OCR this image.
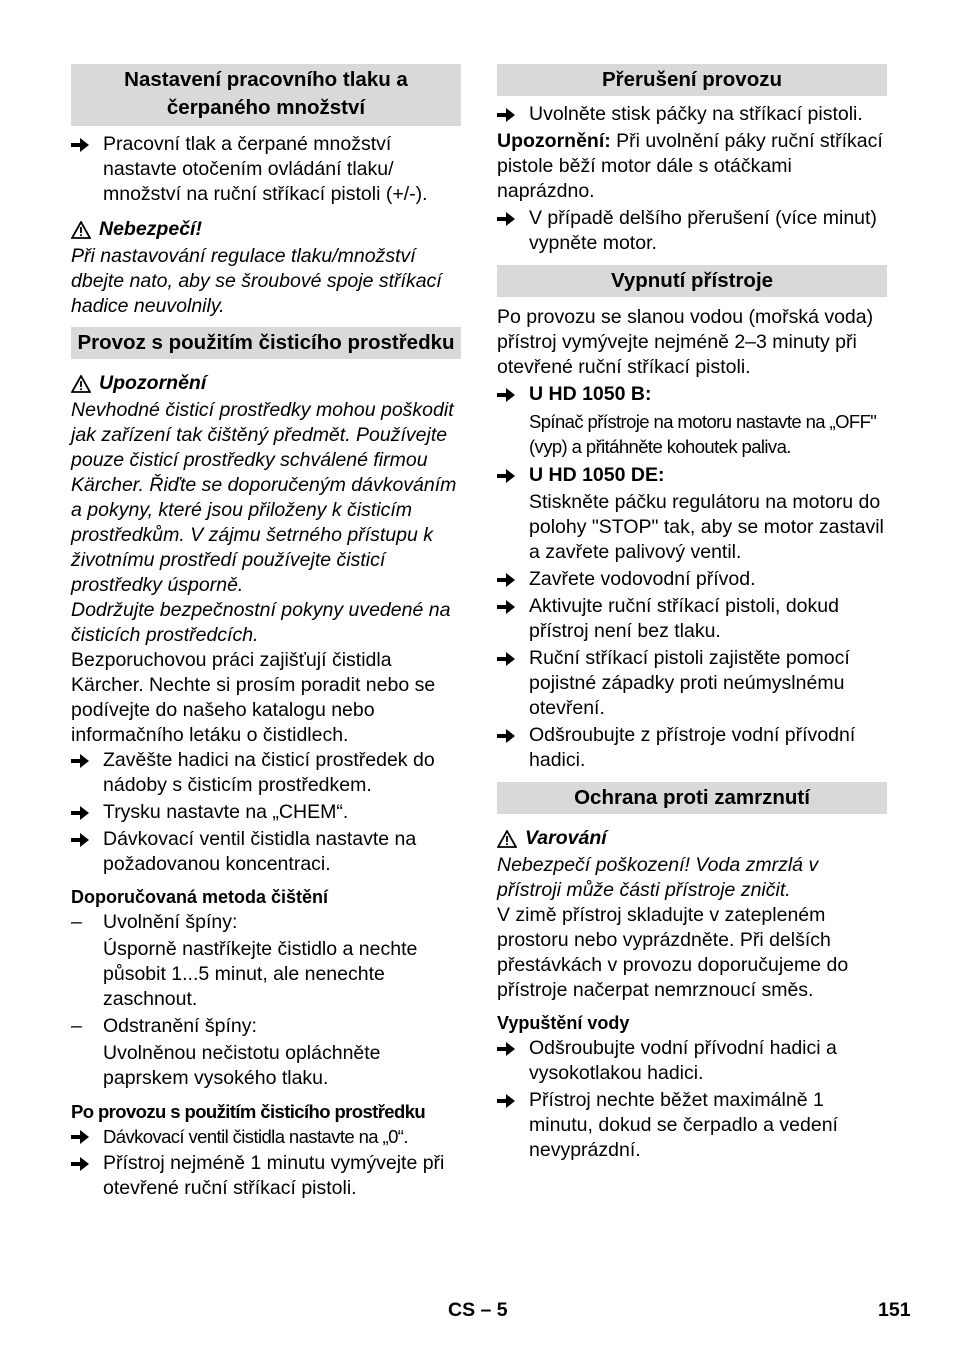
Nastavení pracovního tlaku a čerpaného množství
Pracovní tlak a čerpané množství nastavte otočením ovládání tlaku/ množství na ruční stříkací pistoli (+/-).
Nebezpečí!
Při nastavování regulace tlaku/množství dbejte nato, aby se šroubové spoje stříkací hadice neuvolnily.
Provoz s použitím čisticího prostředku
Upozornění
Nevhodné čisticí prostředky mohou poškodit jak zařízení tak čištěný předmět. Používejte pouze čisticí prostředky schválené firmou Kärcher. Řiďte se doporučeným dávkováním a pokyny, které jsou přiloženy k čisticím prostředkům. V zájmu šetrného přístupu k životnímu prostředí používejte čisticí prostředky úsporně.
Dodržujte bezpečnostní pokyny uvedené na čisticích prostředcích.
Bezporuchovou práci zajišťují čistidla Kärcher. Nechte si prosím poradit nebo se podívejte do našeho katalogu nebo informačního letáku o čistidlech.
Zavěšte hadici na čisticí prostředek do nádoby s čisticím prostředkem.
Trysku nastavte na „CHEM“.
Dávkovací ventil čistidla nastavte na požadovanou koncentraci.
Doporučovaná metoda čištění
–	Uvolnění špíny:
Úsporně nastříkejte čistidlo a nechte působit 1...5 minut, ale nenechte zaschnout.
–	Odstranění špíny:
Uvolněnou nečistotu opláchněte paprskem vysokého tlaku.
Po provozu s použitím čisticího prostředku
Dávkovací ventil čistidla nastavte na „0“.
Přístroj nejméně 1 minutu vymývejte při otevřené ruční stříkací pistoli.
Přerušení provozu
Uvolněte stisk páčky na stříkací pistoli.
Upozornění: Při uvolnění páky ruční stříkací pistole běží motor dále s otáčkami naprázdno.
V případě delšího přerušení (více minut) vypněte motor.
Vypnutí přístroje
Po provozu se slanou vodou (mořská voda) přístroj vymývejte nejméně 2–3 minuty při otevřené ruční stříkací pistoli.
U HD 1050 B:
Spínač přístroje na motoru nastavte na „OFF" (vyp) a přitáhněte kohoutek paliva.
U HD 1050 DE:
Stiskněte páčku regulátoru na motoru do polohy "STOP" tak, aby se motor zastavil a zavřete palivový ventil.
Zavřete vodovodní přívod.
Aktivujte ruční stříkací pistoli, dokud přístroj není bez tlaku.
Ruční stříkací pistoli zajistěte pomocí pojistné západky proti neúmyslnému otevření.
Odšroubujte z přístroje vodní přívodní hadici.
Ochrana proti zamrznutí
Varování
Nebezpečí poškození! Voda zmrzlá v přístroji může části přístroje zničit.
V zimě přístroj skladujte v zatepleném prostoru nebo vyprázdněte. Při delších přestávkách v provozu doporučujeme do přístroje načerpat nemrznoucí směs.
Vypuštění vody
Odšroubujte vodní přívodní hadici a vysokotlakou hadici.
Přístroj nechte běžet maximálně 1 minutu, dokud se čerpadlo a vedení nevyprázdní.
CS – 5	151
